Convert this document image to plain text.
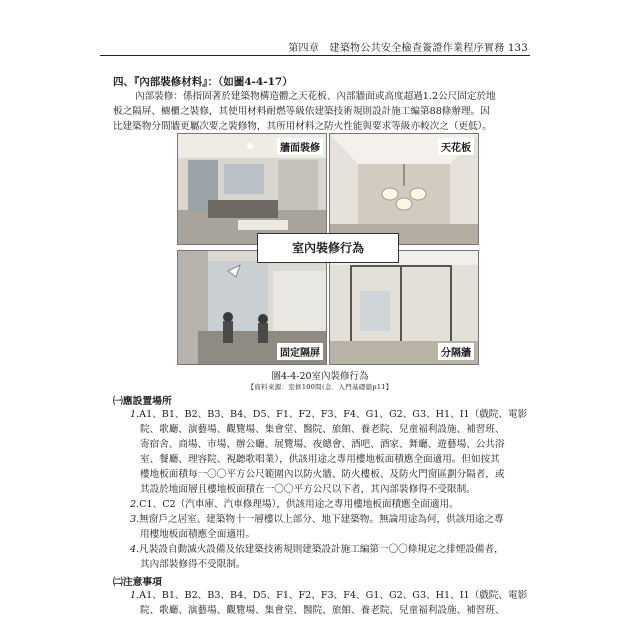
第四章　建築物公共安全檢查簽證作業程序實務 133
四、『內部裝修材料』：（如圖4-4-17）
內部裝修：係指固著於建築物構造體之天花板、內部牆面或高度超過1.2公尺固定於地
板之隔屏、櫥櫃之裝修，其使用材料耐燃等級依建築技術規則設計施工編第88條辦理。因
比建築物分間牆更屬次要之裝修物，其所用材料之防火性能與要求等級亦較次之（更低）。
牆面裝修	天花板
固定隔屏	分隔牆
室內裝修行為
圖4-4-20室內裝修行為
【資料來源：室修100問(金．入門基礎篇p11】
㈠應設置場所
1.A1、B1、B2、B3、B4、D5、F1、F2、F3、F4、G1、G2、G3、H1、I1（戲院、電影
院、歌廳、演藝場、觀覽場、集會堂、醫院、旅館、養老院、兒童福利設施、補習班、
寄宿舍、商場、市場、辦公廳、展覽場、夜總會、酒吧、酒家、舞廳、遊藝場、公共浴
室、餐廳、理容院、視聽歌唱業），供該用途之專用樓地板面積應全面適用。但如按其
樓地板面積每一〇〇平方公尺範圍內以防火牆、防火樓板、及防火門窗區劃分隔者，或
其設於地面層且樓地板面積在一〇〇平方公尺以下者，其內部裝修得不受限制。
2.C1、C2（汽車庫、汽車修理場），供該用途之專用樓地板面積應全面適用。
3.無窗戶之居室、建築物十一層樓以上部分、地下建築物。無論用途為何，供該用途之專
用樓地板面積應全面適用。
4.凡裝設自動滅火設備及依建築技術規則建築設計施工編第一〇〇條規定之排煙設備者，
其內部裝修得不受限制。
㈡注意事項
1.A1、B1、B2、B3、B4、D5、F1、F2、F3、F4、G1、G2、G3、H1、I1（戲院、電影
院、歌廳、演藝場、觀覽場、集會堂、醫院、旅館、養老院、兒童福利設施、補習班、
